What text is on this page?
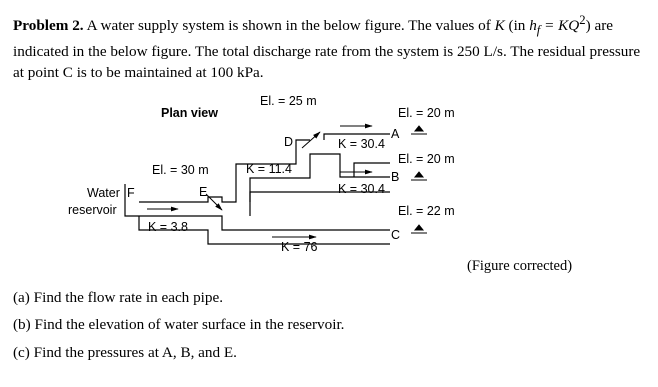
Problem 2. A water supply system is shown in the below figure. The values of K (in $h_f = KQ^2$) are

indicated in the below figure. The total discharge rate from the system is 250 L/s. The residual pressure

at point C is to be maintained at 100 kPa.

Plan view
El. = 25 m
El. = 20 m
El. = 20 m
El. = 22 m
El. = 30 m
Water
reservoir
F	E
D
A
B
C
K = 3.8
K = 11.4
K = 30.4
K = 30.4
K = 76
(Figure corrected)
(a) Find the flow rate in each pipe.
(b) Find the elevation of water surface in the reservoir.
(c) Find the pressures at A, B, and E.
